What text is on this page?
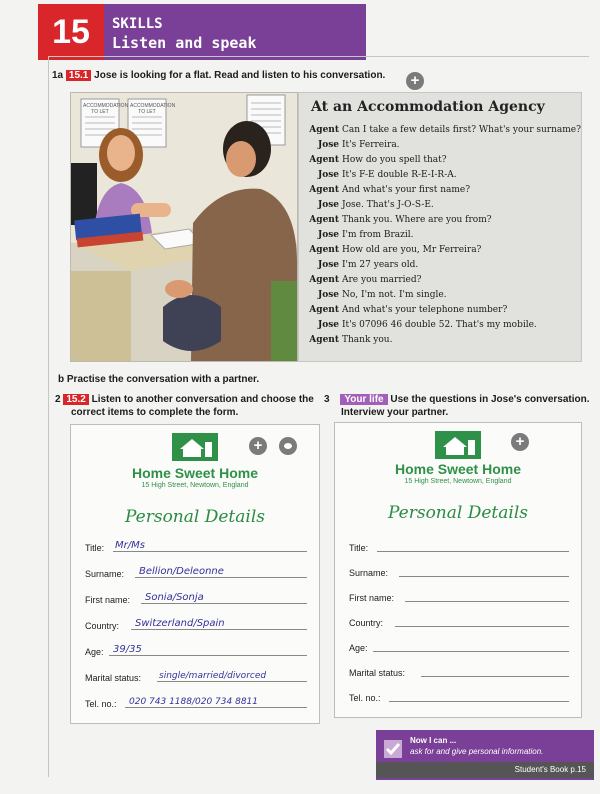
15	SKILLS
Listen and speak
1a 15.1 Jose is looking for a flat. Read and listen to his conversation.	+
ACCOMMODATION TO LET
ACCOMMODATION TO LET	At an Accommodation Agency
Agent Can I take a few details first? What's your surname?
Jose It's Ferreira.
Agent How do you spell that?
Jose It's F-E double R-E-I-R-A.
Agent And what's your first name?
Jose Jose. That's J-O-S-E.
Agent Thank you. Where are you from?
Jose I'm from Brazil.
Agent How old are you, Mr Ferreira?
Jose I'm 27 years old.
Agent Are you married?
Jose No, I'm not. I'm single.
Agent And what's your telephone number?
Jose It's 07096 46 double 52. That's my mobile.
Agent Thank you.
b Practise the conversation with a partner.
2 15.2 Listen to another conversation and choose the
correct items to complete the form.
3 Your life Use the questions in Jose's conversation.
Interview your partner.
+
Home Sweet Home
15 High Street, Newtown, England
Personal Details
Title: Mr/Ms
Surname: Bellion/Deleonne
First name: Sonia/Sonja
Country: Switzerland/Spain
Age: 39/35
Marital status: single/married/divorced
Tel. no.: 020 743 1188/020 734 8811
+
Home Sweet Home
15 High Street, Newtown, England
Personal Details
Title:
Surname:
First name:
Country:
Age:
Marital status:
Tel. no.:
Now I can ...
ask for and give personal information.
Student's Book p.15
